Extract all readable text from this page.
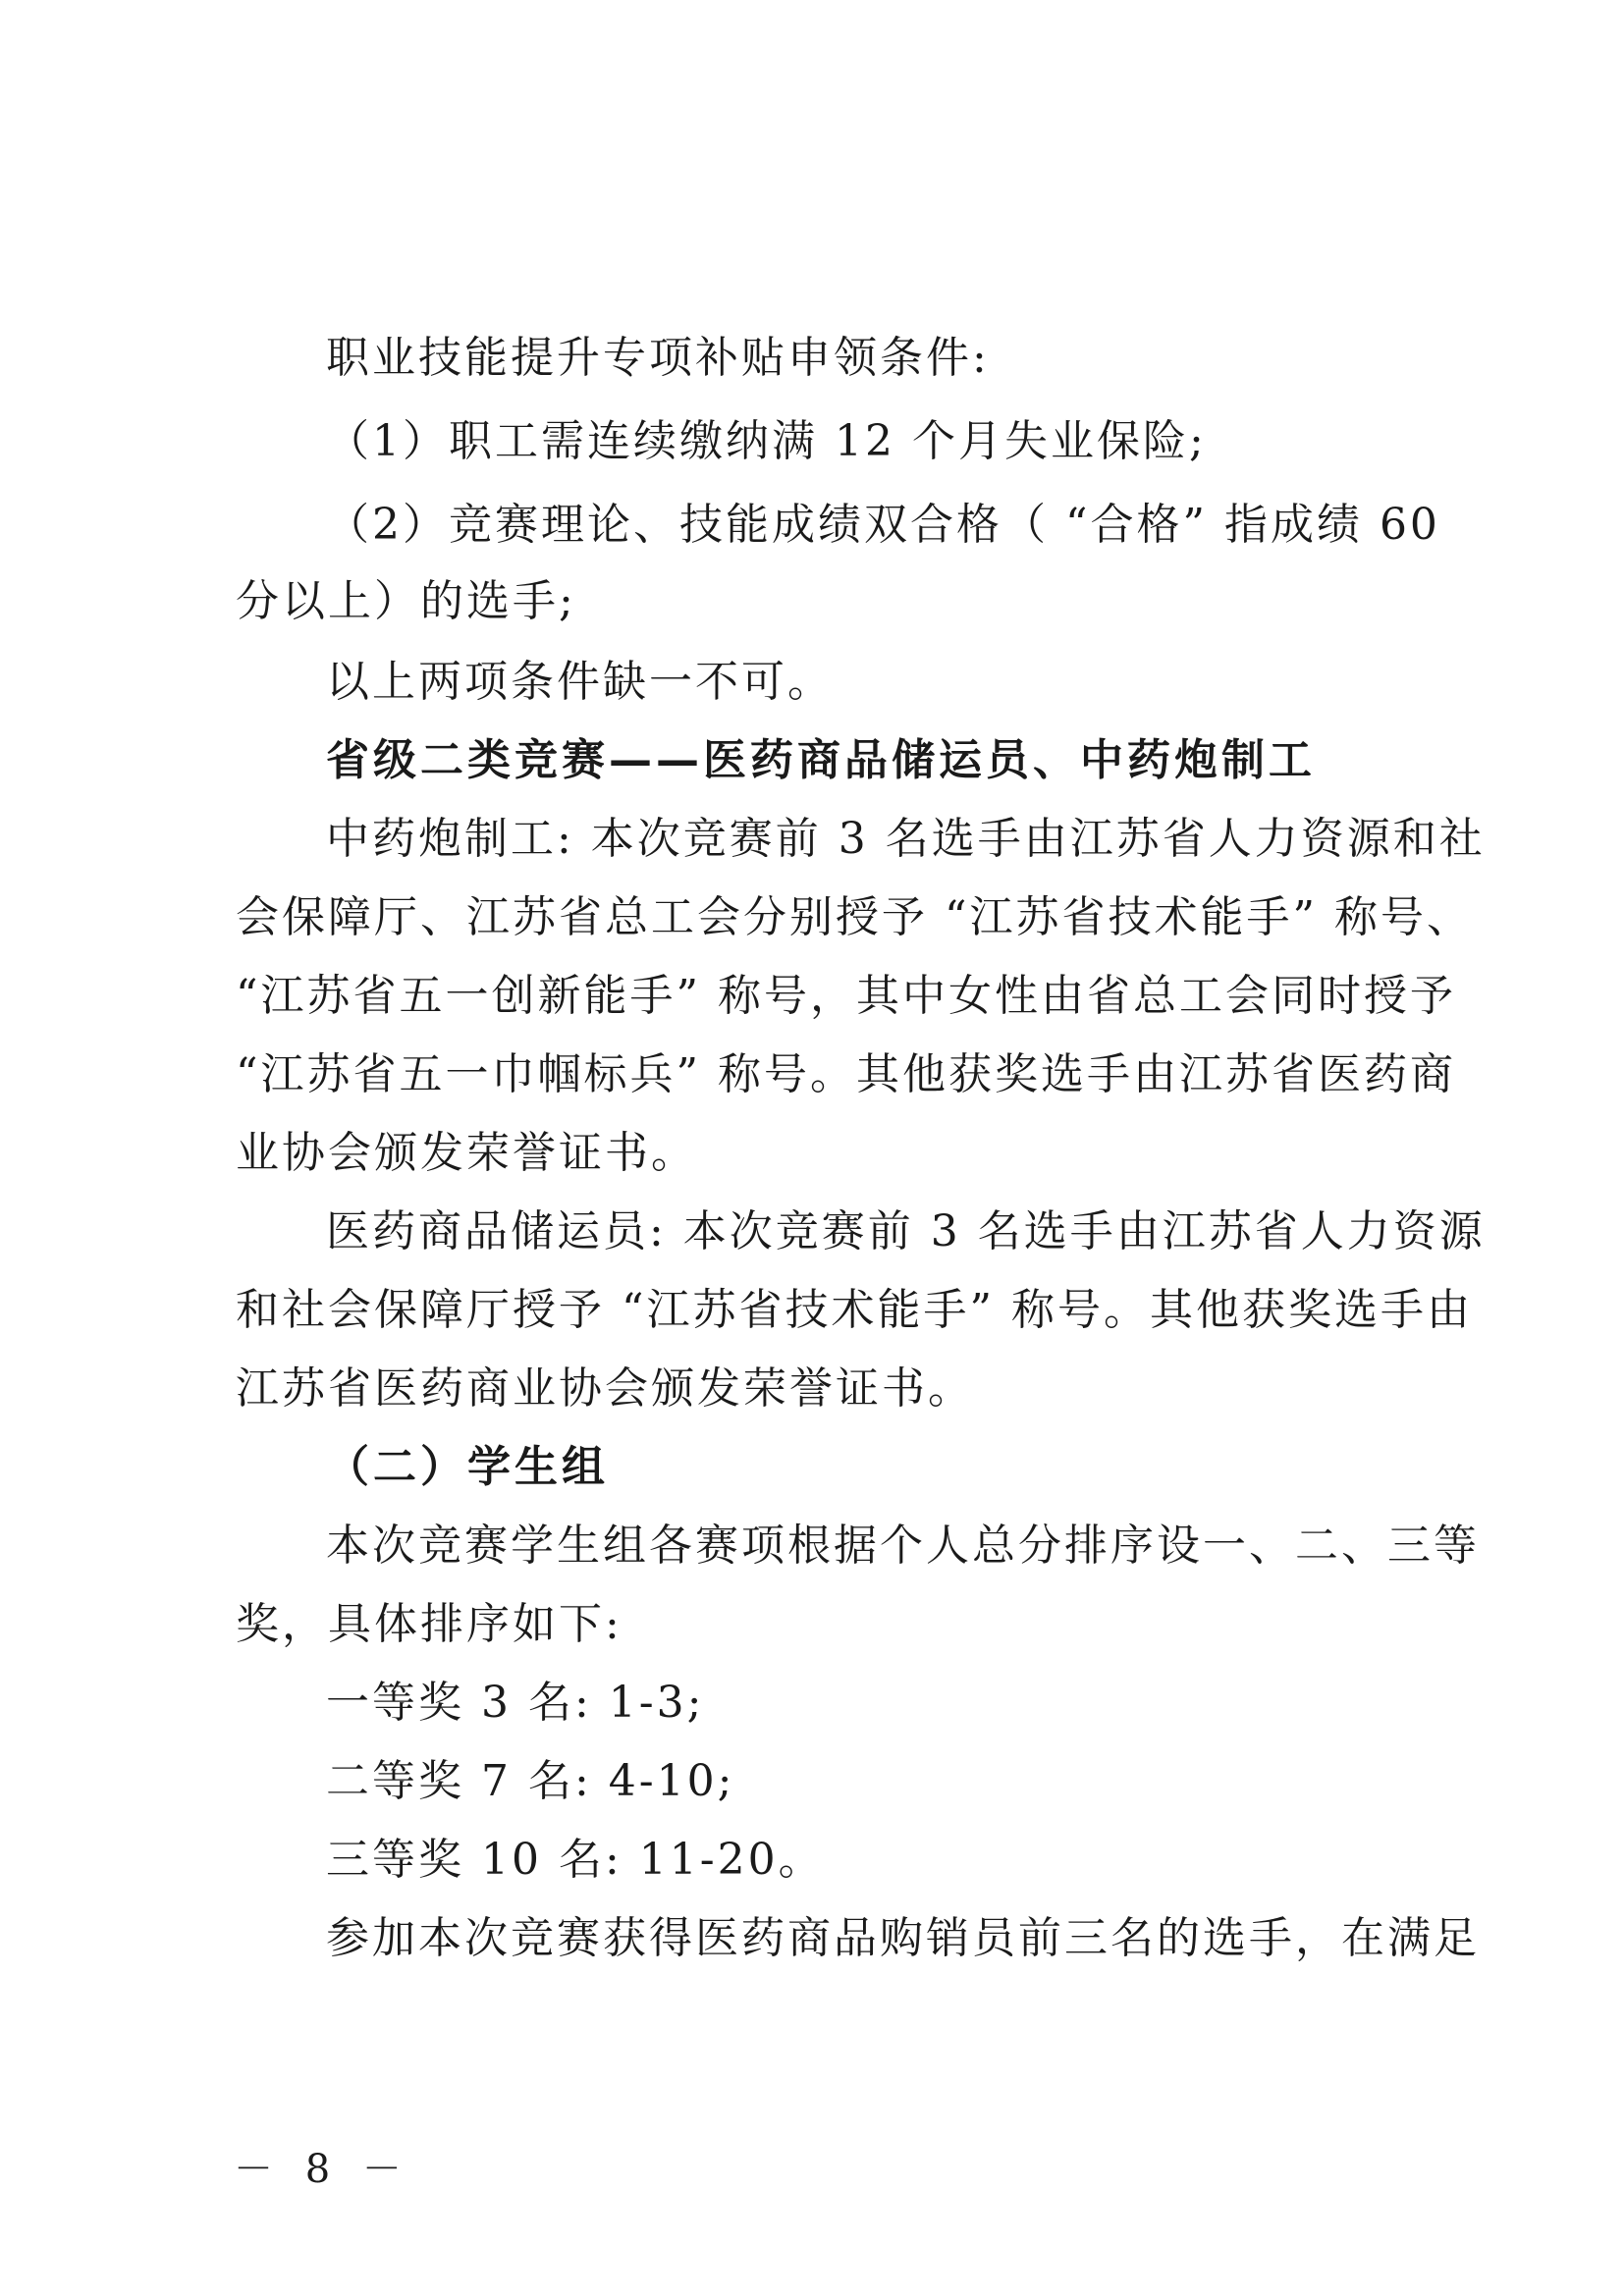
职业技能提升专项补贴申领条件:
（1）职工需连续缴纳满 12 个月失业保险;
（2）竞赛理论、技能成绩双合格（ “合格” 指成绩 60
分以上）的选手;
以上两项条件缺一不可。
省级二类竞赛——医药商品储运员、中药炮制工
中药炮制工: 本次竞赛前 3 名选手由江苏省人力资源和社
会保障厅、江苏省总工会分别授予 “江苏省技术能手” 称号、
“江苏省五一创新能手” 称号，其中女性由省总工会同时授予
“江苏省五一巾帼标兵” 称号。其他获奖选手由江苏省医药商
业协会颁发荣誉证书。
医药商品储运员: 本次竞赛前 3 名选手由江苏省人力资源
和社会保障厅授予 “江苏省技术能手” 称号。其他获奖选手由
江苏省医药商业协会颁发荣誉证书。
（二）学生组
本次竞赛学生组各赛项根据个人总分排序设一、二、三等
奖，具体排序如下:
一等奖 3 名: 1-3;
二等奖 7 名: 4-10;
三等奖 10 名: 11-20。
参加本次竞赛获得医药商品购销员前三名的选手，在满足
－ 8 －
